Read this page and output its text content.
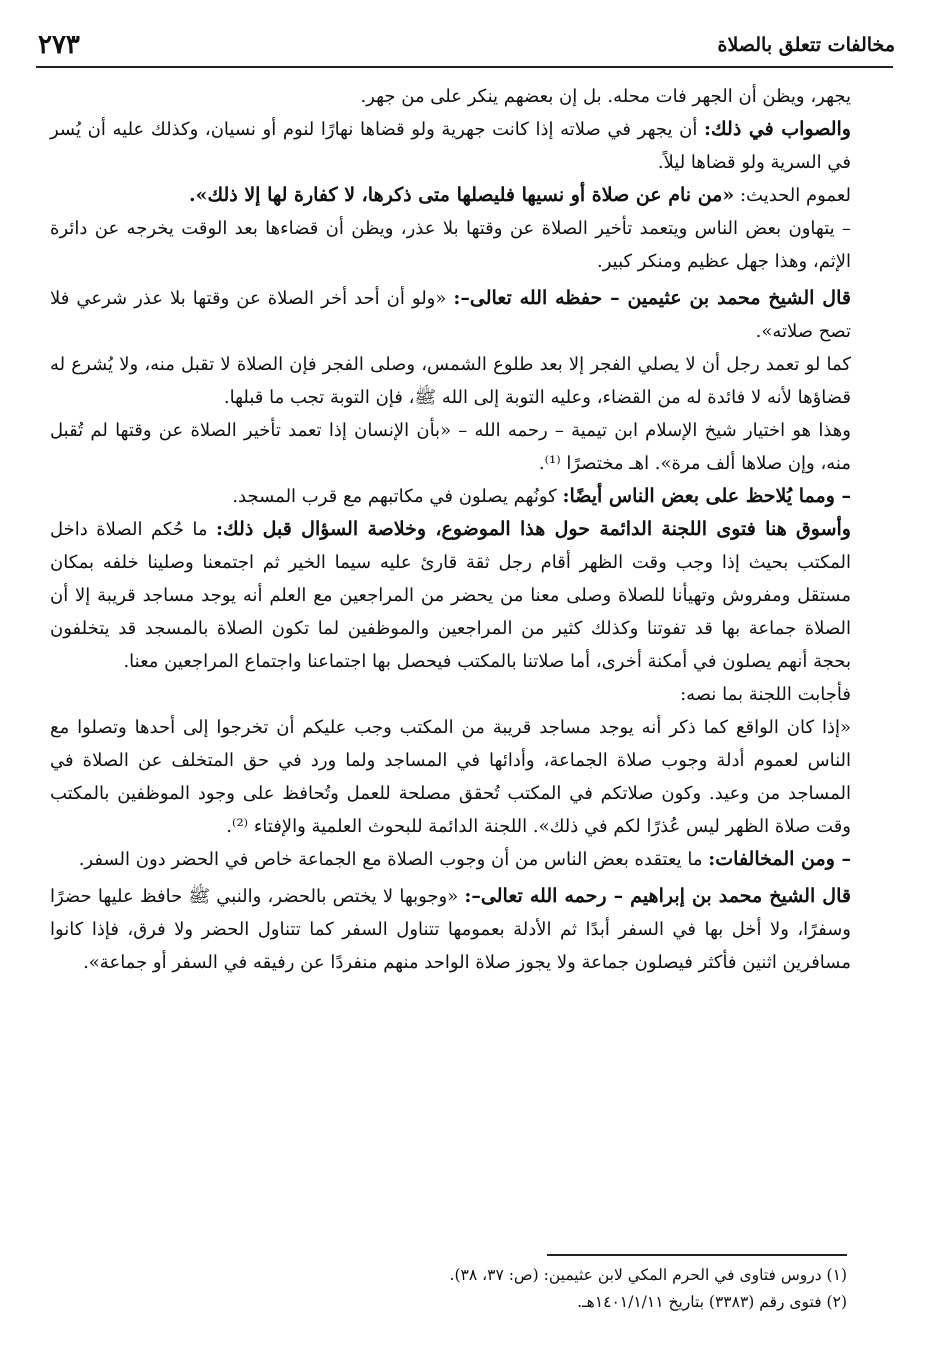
مخالفات تتعلق بالصلاة
٢٧٣

يجهر، ويظن أن الجهر فات محله. بل إن بعضهم ينكر على من جهر.

والصواب في ذلك: أن يجهر في صلاته إذا كانت جهرية ولو قضاها نهارًا لنوم أو نسيان، وكذلك عليه أن يُسر في السرية ولو قضاها ليلاً.

لعموم الحديث: «من نام عن صلاة أو نسيها فليصلها متى ذكرها، لا كفارة لها إلا ذلك».

– يتهاون بعض الناس ويتعمد تأخير الصلاة عن وقتها بلا عذر، ويظن أن قضاءها بعد الوقت يخرجه عن دائرة الإثم، وهذا جهل عظيم ومنكر كبير.

قال الشيخ محمد بن عثيمين – حفظه الله تعالى–: «ولو أن أحد أخر الصلاة عن وقتها بلا عذر شرعي فلا تصح صلاته».

كما لو تعمد رجل أن لا يصلي الفجر إلا بعد طلوع الشمس، وصلى الفجر فإن الصلاة لا تقبل منه، ولا يُشرع له قضاؤها لأنه لا فائدة له من القضاء، وعليه التوبة إلى الله ﷺ، فإن التوبة تجب ما قبلها.

وهذا هو اختيار شيخ الإسلام ابن تيمية – رحمه الله – «بأن الإنسان إذا تعمد تأخير الصلاة عن وقتها لم تُقبل منه، وإن صلاها ألف مرة». اهـ مختصرًا ⁽¹⁾.

– ومما يُلاحظ على بعض الناس أيضًا: كونُهم يصلون في مكاتبهم مع قرب المسجد.

وأسوق هنا فتوى اللجنة الدائمة حول هذا الموضوع، وخلاصة السؤال قبل ذلك: ما حُكم الصلاة داخل المكتب بحيث إذا وجب وقت الظهر أقام رجل ثقة قارئ عليه سيما الخير ثم اجتمعنا وصلينا خلفه بمكان مستقل ومفروش وتهيأنا للصلاة وصلى معنا من يحضر من المراجعين مع العلم أنه يوجد مساجد قريبة إلا أن الصلاة جماعة بها قد تفوتنا وكذلك كثير من المراجعين والموظفين لما تكون الصلاة بالمسجد قد يتخلفون بحجة أنهم يصلون في أمكنة أخرى، أما صلاتنا بالمكتب فيحصل بها اجتماعنا واجتماع المراجعين معنا.

فأجابت اللجنة بما نصه:

«إذا كان الواقع كما ذكر أنه يوجد مساجد قريبة من المكتب وجب عليكم أن تخرجوا إلى أحدها وتصلوا مع الناس لعموم أدلة وجوب صلاة الجماعة، وأدائها في المساجد ولما ورد في حق المتخلف عن الصلاة في المساجد من وعيد. وكون صلاتكم في المكتب تُحقق مصلحة للعمل وتُحافظ على وجود الموظفين بالمكتب وقت صلاة الظهر ليس عُذرًا لكم في ذلك». اللجنة الدائمة للبحوث العلمية والإفتاء ⁽²⁾.

– ومن المخالفات: ما يعتقده بعض الناس من أن وجوب الصلاة مع الجماعة خاص في الحضر دون السفر.

قال الشيخ محمد بن إبراهيم – رحمه الله تعالى–: «وجوبها لا يختص بالحضر، والنبي ﷺ حافظ عليها حضرًا وسفرًا، ولا أخل بها في السفر أبدًا ثم الأدلة بعمومها تتناول السفر كما تتناول الحضر ولا فرق، فإذا كانوا مسافرين اثنين فأكثر فيصلون جماعة ولا يجوز صلاة الواحد منهم منفردًا عن رفيقه في السفر أو جماعة».

(١) دروس فتاوى في الحرم المكي لابن عثيمين: (ص: ٣٧، ٣٨).
(٢) فتوى رقم (٣٣٨٣) بتاريخ ١٤٠١/١/١١هـ.
